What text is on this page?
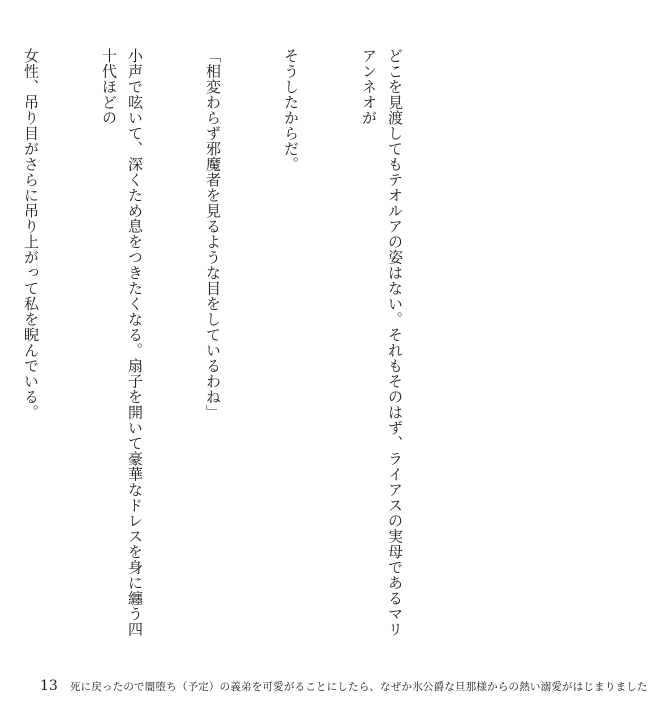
どこを見渡してもテオルアの姿はない。それもそのはず、ライアスの実母であるマリアンネオが

そうしたからだ。

「相変わらず邪魔者を見るような目をしているわね」

小声で呟いて、深くため息をつきたくなる。扇子を開いて豪華なドレスを身に纏う四十代ほどの

女性、吊り目がさらに吊り上がって私を睨んでいる。

13 死に戻ったので闇堕ち（予定）の義弟を可愛がることにしたら、なぜか氷公爵な旦那様からの熱い溺愛がはじまりました
